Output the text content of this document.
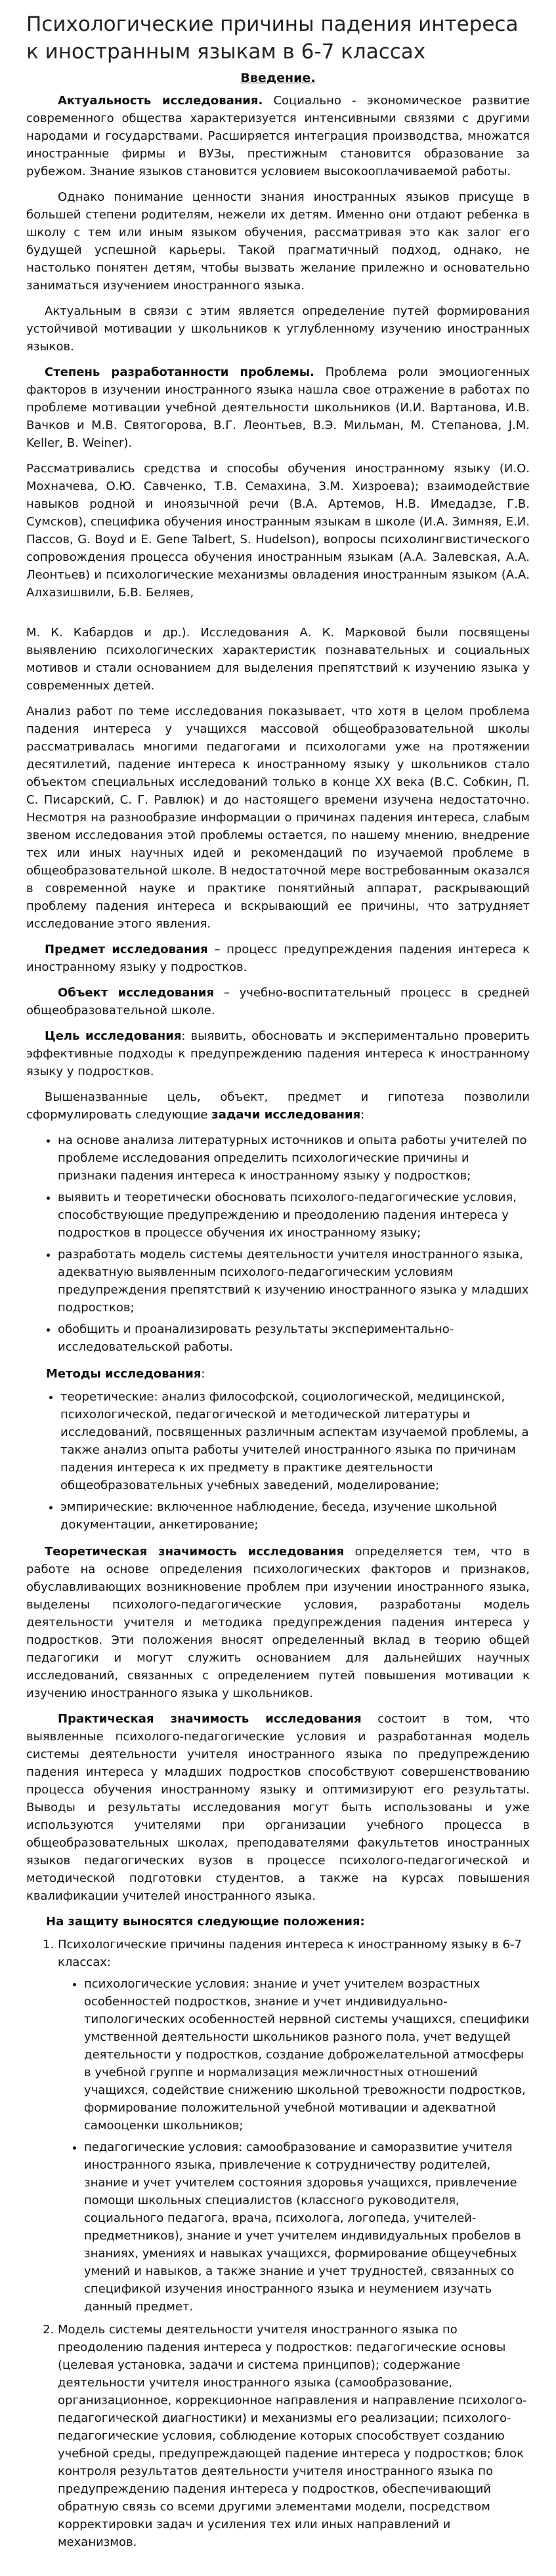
Психологические причины падения интереса к иностранным языкам в 6-7 классах
Введение.

Актуальность исследования. Социально - экономическое развитие современного общества характеризуется интенсивными связями с другими народами и государствами. Расширяется интеграция производства, множатся иностранные фирмы и ВУЗы, престижным становится образование за рубежом. Знание языков становится условием высокооплачиваемой работы.

Однако понимание ценности знания иностранных языков присуще в большей степени родителям, нежели их детям. Именно они отдают ребенка в школу с тем или иным языком обучения, рассматривая это как залог его будущей успешной карьеры. Такой прагматичный подход, однако, не настолько понятен детям, чтобы вызвать желание прилежно и основательно заниматься изучением иностранного языка.

Актуальным в связи с этим является определение путей формирования устойчивой мотивации у школьников к углубленному изучению иностранных языков.

Степень разработанности проблемы. Проблема роли эмоциогенных факторов в изучении иностранного языка нашла свое отражение в работах по проблеме мотивации учебной деятельности школьников (И.И. Вартанова, И.В. Вачков и М.В. Святогорова, В.Г. Леонтьев, В.Э. Мильман, М. Степанова, J.M. Keller, B. Weiner).

Рассматривались средства и способы обучения иностранному языку (И.О. Мохначева, О.Ю. Савченко, Т.В. Семахина, З.М. Хизроева); взаимодействие навыков родной и иноязычной речи (В.А. Артемов, Н.В. Имедадзе, Г.В. Сумсков), специфика обучения иностранным языкам в школе (И.А. Зимняя, Е.И. Пассов, G. Boyd и E. Gene Talbert, S. Hudelson), вопросы психолингвистического сопровождения процесса обучения иностранным языкам (А.А. Залевская, А.А. Леонтьев) и психологические механизмы овладения иностранным языком (А.А. Алхазишвили, Б.В. Беляев,

М. К. Кабардов и др.). Исследования А. К. Марковой были посвящены выявлению психологических характеристик познавательных и социальных мотивов и стали основанием для выделения препятствий к изучению языка у современных детей.

Анализ работ по теме исследования показывает, что хотя в целом проблема падения интереса у учащихся массовой общеобразовательной школы рассматривалась многими педагогами и психологами уже на протяжении десятилетий, падение интереса к иностранному языку у школьников стало объектом специальных исследований только в конце XX века (В.С. Собкин, П. С. Писарский, С. Г. Равлюк) и до настоящего времени изучена недостаточно. Несмотря на разнообразие информации о причинах падения интереса, слабым звеном исследования этой проблемы остается, по нашему мнению, внедрение тех или иных научных идей и рекомендаций по изучаемой проблеме в общеобразовательной школе. В недостаточной мере востребованным оказался в современной науке и практике понятийный аппарат, раскрывающий проблему падения интереса и вскрывающий ее причины, что затрудняет исследование этого явления.

Предмет исследования – процесс предупреждения падения интереса к иностранному языку у подростков.

Объект исследования – учебно-воспитательный процесс в средней общеобразовательной школе.

Цель исследования: выявить, обосновать и экспериментально проверить эффективные подходы к предупреждению падения интереса к иностранному языку у подростков.

Вышеназванные цель, объект, предмет и гипотеза позволили сформулировать следующие задачи исследования:

• на основе анализа литературных источников и опыта работы учителей по проблеме исследования определить психологические причины и признаки падения интереса к иностранному языку у подростков;
• выявить и теоретически обосновать психолого-педагогические условия, способствующие предупреждению и преодолению падения интереса у подростков в процессе обучения их иностранному языку;
• разработать модель системы деятельности учителя иностранного языка, адекватную выявленным психолого-педагогическим условиям предупреждения препятствий к изучению иностранного языка у младших подростков;
• обобщить и проанализировать результаты экспериментально-исследовательской работы.
Методы исследования:
• теоретические: анализ философской, социологической, медицинской, психологической, педагогической и методической литературы и исследований, посвященных различным аспектам изучаемой проблемы, а также анализ опыта работы учителей иностранного языка по причинам падения интереса к их предмету в практике деятельности общеобразовательных учебных заведений, моделирование;
• эмпирические: включенное наблюдение, беседа, изучение школьной документации, анкетирование;

Теоретическая значимость исследования определяется тем, что в работе на основе определения психологических факторов и признаков, обуславливающих возникновение проблем при изучении иностранного языка, выделены психолого-педагогические условия, разработаны модель деятельности учителя и методика предупреждения падения интереса у подростков. Эти положения вносят определенный вклад в теорию общей педагогики и могут служить основанием для дальнейших научных исследований, связанных с определением путей повышения мотивации к изучению иностранного языка у школьников.

Практическая значимость исследования состоит в том, что выявленные психолого-педагогические условия и разработанная модель системы деятельности учителя иностранного языка по предупреждению падения интереса у младших подростков способствуют совершенствованию процесса обучения иностранному языку и оптимизируют его результаты. Выводы и результаты исследования могут быть использованы и уже используются учителями при организации учебного процесса в общеобразовательных школах, преподавателями факультетов иностранных языков педагогических вузов в процессе психолого-педагогической и методической подготовки студентов, а также на курсах повышения квалификации учителей иностранного языка.

На защиту выносятся следующие положения:
1. Психологические причины падения интереса к иностранному языку в 6-7 классах:
• психологические условия: знание и учет учителем возрастных особенностей подростков, знание и учет индивидуально-типологических особенностей нервной системы учащихся, специфики умственной деятельности школьников разного пола, учет ведущей деятельности у подростков, создание доброжелательной атмосферы в учебной группе и нормализация межличностных отношений учащихся, содействие снижению школьной тревожности подростков, формирование положительной учебной мотивации и адекватной самооценки школьников;
• педагогические условия: самообразование и саморазвитие учителя иностранного языка, привлечение к сотрудничеству родителей, знание и учет учителем состояния здоровья учащихся, привлечение помощи школьных специалистов (классного руководителя, социального педагога, врача, психолога, логопеда, учителей-предметников), знание и учет учителем индивидуальных пробелов в знаниях, умениях и навыках учащихся, формирование общеучебных умений и навыков, а также знание и учет трудностей, связанных со спецификой изучения иностранного языка и неумением изучать данный предмет.
2. Модель системы деятельности учителя иностранного языка по преодолению падения интереса у подростков: педагогические основы (целевая установка, задачи и система принципов); содержание деятельности учителя иностранного языка (самообразование, организационное, коррекционное направления и направление психолого-педагогической диагностики) и механизмы его реализации; психолого-педагогические условия, соблюдение которых способствует созданию учебной среды, предупреждающей падение интереса у подростков; блок контроля результатов деятельности учителя иностранного языка по предупреждению падения интереса у подростков, обеспечивающий обратную связь со всеми другими элементами модели, посредством корректировки задач и усиления тех или иных направлений и механизмов.
